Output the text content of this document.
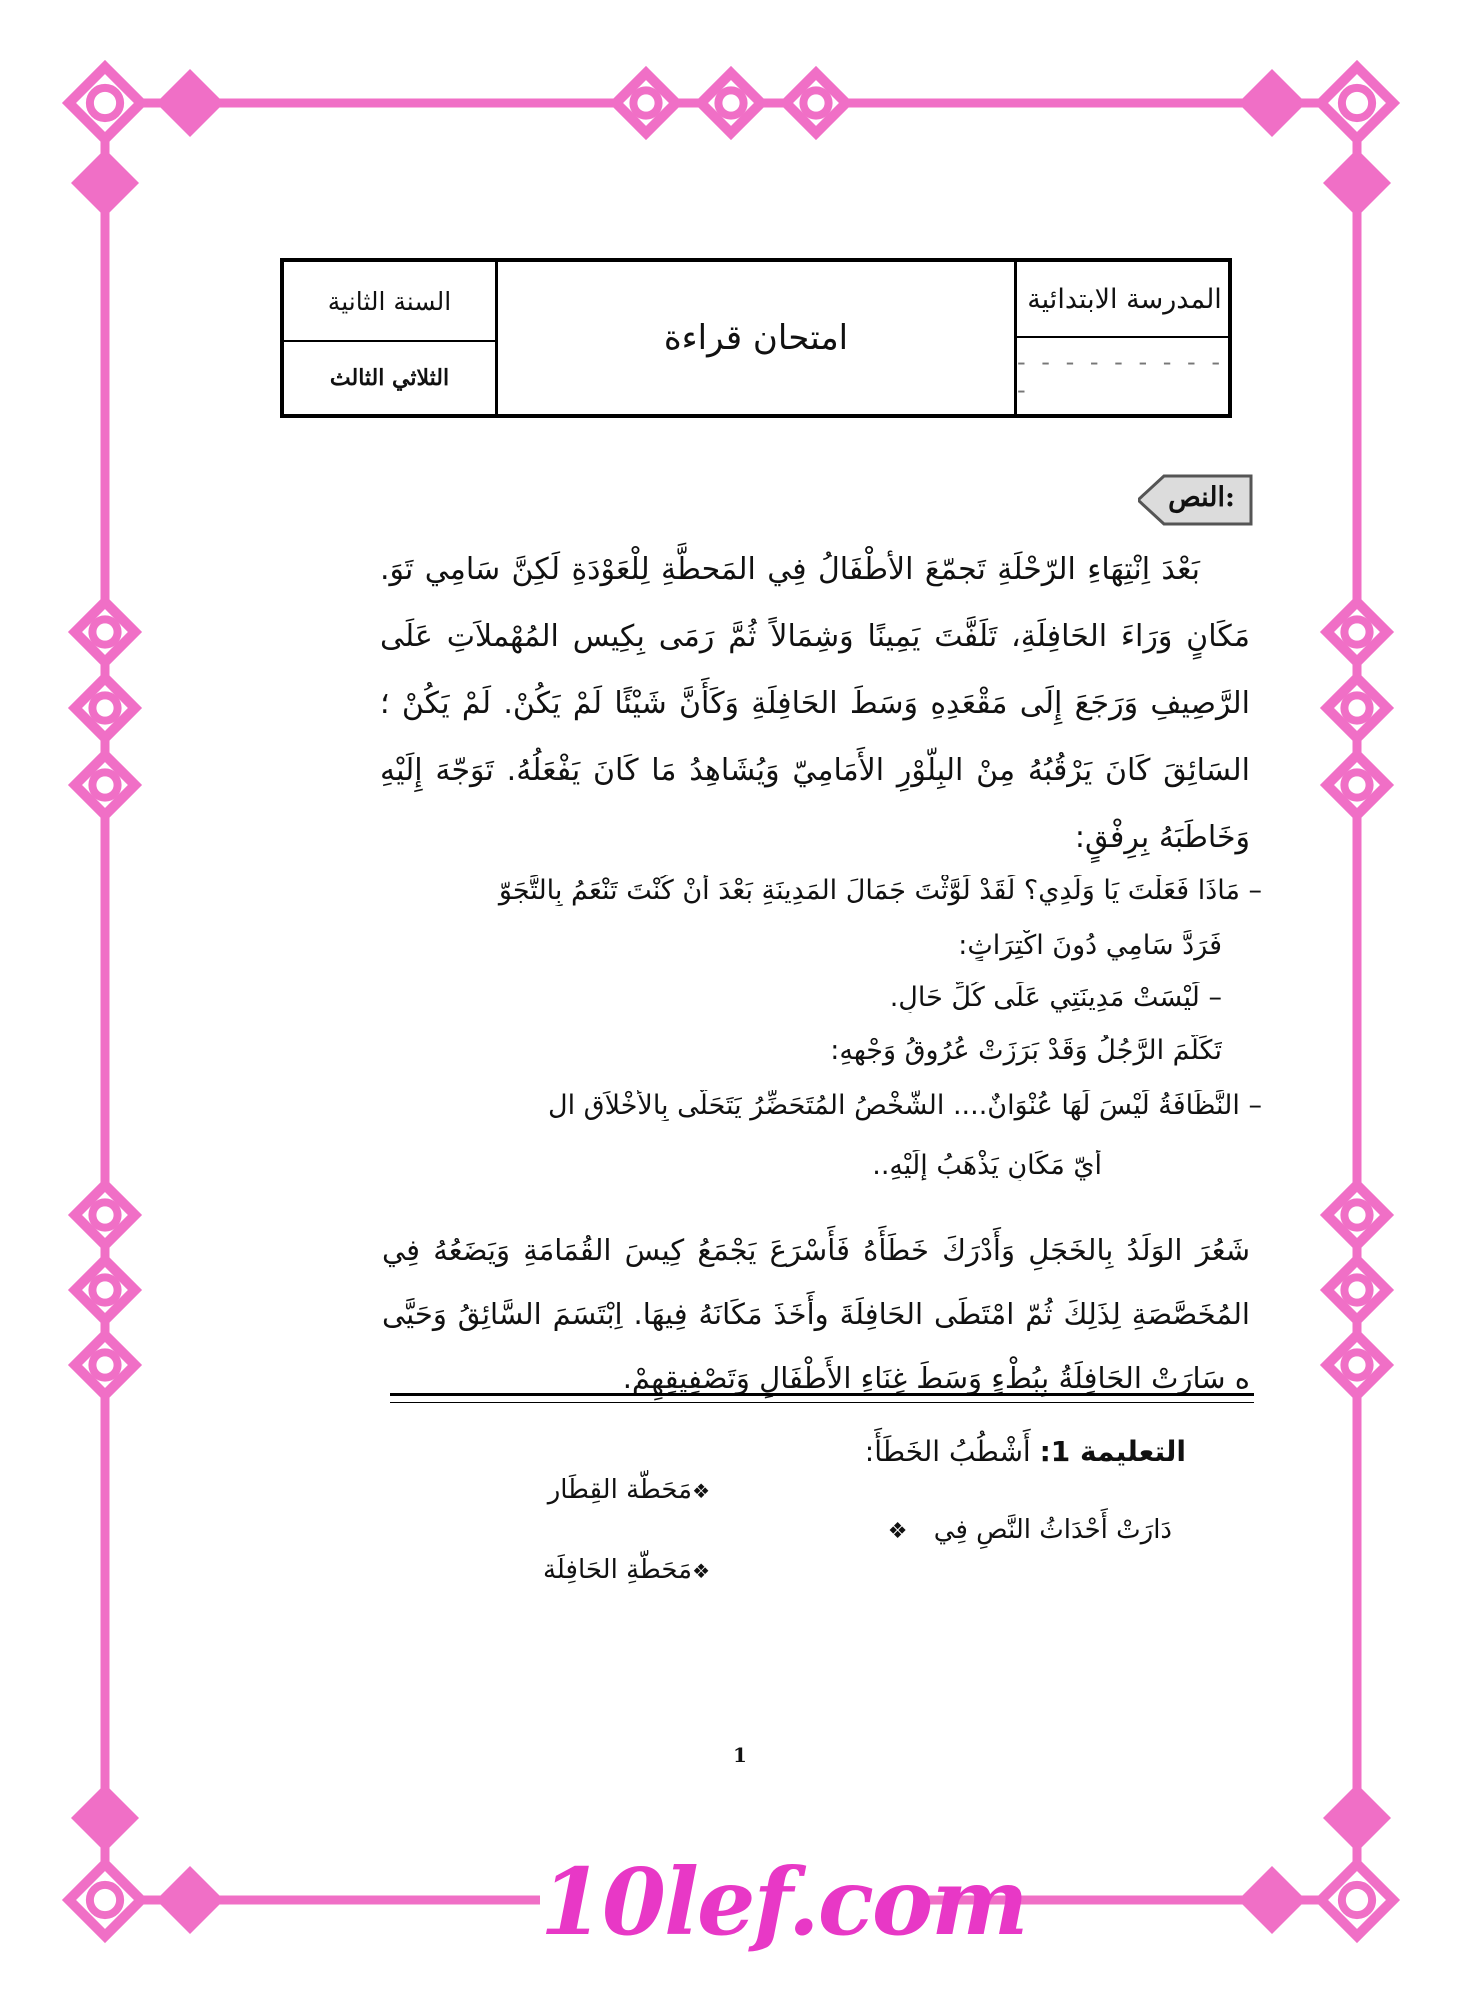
المدرسة الابتدائية
- - - - - - - - - -
امتحان قراءة
السنة الثانية
الثلاثي الثالث
النص:
بَعْدَ اِنْتِهَاءِ الرّحْلَةِ تَجمّعَ الأطْفَالُ فِي المَحطَّةِ لِلْعَوْدَةِ لَكِنَّ سَامِي تَوَ. مَكَانٍ وَرَاءَ الحَافِلَةِ، تَلَفَّتَ يَمِينًا وَشِمَالاً ثُمَّ رَمَى بِكِيس المُهْملاَتِ عَلَى الرَّصِيفِ وَرَجَعَ إِلَى مَقْعَدِهِ وَسَطَ الحَافِلَةِ وَكَأَنَّ شَيْئًا لَمْ يَكُنْ. لَمْ يَكُنْ ؛ السَائِقَ كَانَ يَرْقُبُهُ مِنْ البِلّوْرِ الأَمَامِيّ وَيُشَاهِدُ مَا كَانَ يَفْعَلُهُ. تَوَجّهَ إِلَيْهِ وَخَاطَبَهُ بِرِفْقٍ:
– مَاذَا فَعَلْتَ يَا وَلَدِي؟ لَقَدْ لَوَّثْتَ جَمَالَ المَدِينَةِ بَعْدَ أَنْ كُنْتَ تَنْعَمُ بِالتَّجَوّ
فَرَدَّ سَامِي دُونَ اكْتِرَاثٍ:
– لَيْسَتْ مَدِينَتِي عَلَى كُلِّ حَالٍ.
تَكَلَّمَ الرَّجُلُ وَقَدْ بَرَزَتْ عُرُوقُ وَجْهِهِ:
– النَّظَافَةُ لَيْسَ لَهَا عُنْوَانٌ.... الشَّخْصُ المُتَحَضِّرُ يَتَحَلَّى بِالأَخْلاَقِ ال
أَيّ مَكَانٍ يَذْهَبُ إِلَيْهِ..
شَعُرَ الوَلَدُ بِالخَجَلِ وَأَدْرَكَ خَطَأَهُ فَأَسْرَعَ يَجْمَعُ كِيسَ القُمَامَةِ وَيَضَعُهُ فِي المُخَصَّصَةِ لِذَلِكَ ثُمّ امْتَطَى الحَافِلَةَ وأَخَذَ مَكَانَهُ فِيهَا. اِبْتَسَمَ السَّائِقُ وَحَيَّى ه سَارَتْ الحَافِلَةُ بِبُطْءٍ وَسَطَ غِنَاءِ الأَطْفَالِ وَتَصْفِيقِهِمْ.
التعليمة 1: أَشْطُبُ الخَطَأَ:
دَارَتْ أَحْدَاثُ النَّصِ فِي ❖
❖مَحَطّة القِطَار
❖مَحَطّةِ الحَافِلَة
1
10lef.com
